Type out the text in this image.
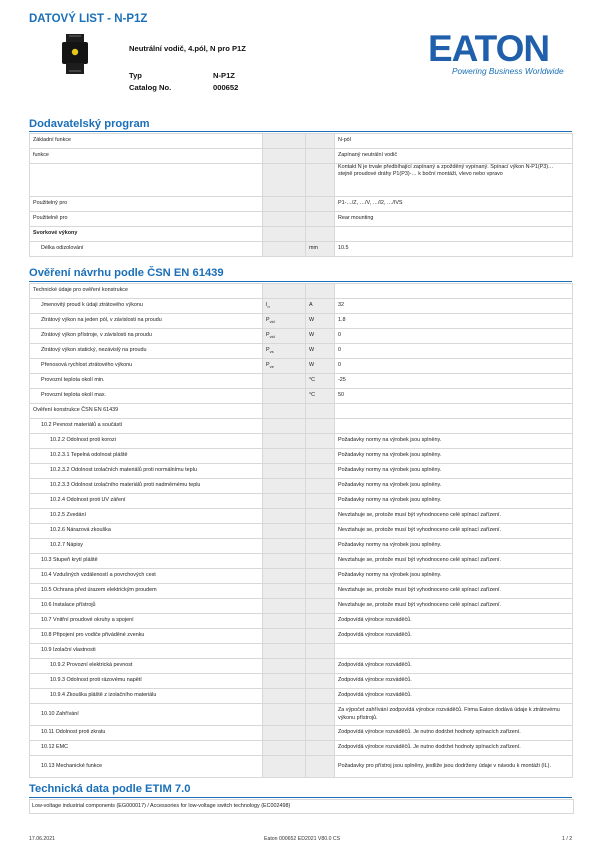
DATOVÝ LIST - N-P1Z
Neutrální vodič, 4.pól, N pro P1Z
Typ	N-P1Z
Catalog No.	000652
EATON
Powering Business Worldwide
Dodavatelský program
Základní funkce			N-pól
funkce			Zapínaný neutrální vodič
			Kontakt N je trvale předbíhající zapínaný a zpožděný vypínaný. Spínací výkon N-P1(P3)… stejně proudové dráhy P1(P3)-… k boční montáži, vlevo nebo vpravo
Použitelný pro			P1-…/Z, …/V, …/I2, …/IVS
Použitelně pro			Rear mounting
Svorkové výkony			
Délka odizolování		mm	10.5
Ověření návrhu podle ČSN EN 61439
Technické údaje pro ověření konstrukce			
Jmenovitý proud k údaji ztrátového výkonu	$I_n$	A	32
Ztrátový výkon na jeden pól, v závislosti na proudu	$P_{vid}$	W	1.8
Ztrátový výkon přístroje, v závislosti na proudu	$P_{vid}$	W	0
Ztrátový výkon statický, nezávislý na proudu	$P_{vs}$	W	0
Přenosová rychlost ztrátového výkonu	$P_{ve}$	W	0
Provozní teplota okolí min.		°C	-25
Provozní teplota okolí max.		°C	50
Ověření konstrukce ČSN EN 61439			
10.2 Pevnost materiálů a součástí			
10.2.2 Odolnost proti korozi			Požadavky normy na výrobek jsou splněny.
10.2.3.1 Tepelná odolnost pláště			Požadavky normy na výrobek jsou splněny.
10.2.3.2 Odolnost izolačních materiálů proti normálnímu teplu			Požadavky normy na výrobek jsou splněny.
10.2.3.3 Odolnost izolačního materiálů proti nadměrnému teplu			Požadavky normy na výrobek jsou splněny.
10.2.4 Odolnost proti UV záření			Požadavky normy na výrobek jsou splněny.
10.2.5 Zvedání			Nevztahuje se, protože musí být vyhodnoceno celé spínací zařízení.
10.2.6 Nárazová zkouška			Nevztahuje se, protože musí být vyhodnoceno celé spínací zařízení.
10.2.7 Nápisy			Požadavky normy na výrobek jsou splněny.
10.3 Stupeň krytí pláště			Nevztahuje se, protože musí být vyhodnoceno celé spínací zařízení.
10.4 Vzdušných vzdáleností a povrchových cest			Požadavky normy na výrobek jsou splněny.
10.5 Ochrana před úrazem elektrickým proudem			Nevztahuje se, protože musí být vyhodnoceno celé spínací zařízení.
10.6 Instalace přístrojů			Nevztahuje se, protože musí být vyhodnoceno celé spínací zařízení.
10.7 Vnitřní proudové okruhy a spojení			Zodpovídá výrobce rozváděčů.
10.8 Připojení pro vodiče přiváděné zvenku			Zodpovídá výrobce rozváděčů.
10.9 Izolační vlastnosti			
10.9.2 Provozní elektrická pevnost			Zodpovídá výrobce rozváděčů.
10.9.3 Odolnost proti rázovému napětí			Zodpovídá výrobce rozváděčů.
10.9.4 Zkouška pláště z izolačního materiálu			Zodpovídá výrobce rozváděčů.
10.10 Zahřívání			Za výpočet zahřívání zodpovídá výrobce rozváděčů. Firma Eaton dodává údaje k ztrátovému výkonu přístrojů.
10.11 Odolnost proti zkratu			Zodpovídá výrobce rozváděčů. Je nutno dodržet hodnoty spínacích zařízení.
10.12 EMC			Zodpovídá výrobce rozváděčů. Je nutno dodržet hodnoty spínacích zařízení.
10.13 Mechanické funkce			Požadavky pro přístroj jsou splněny, jestliže jsou dodrženy údaje v návodu k montáži (IL).
Technická data podle ETIM 7.0
Low-voltage industrial components (EG000017) / Accessories for low-voltage switch technology (EC002498)
17.06.2021	Eaton 000652 ED2021 V80.0 CS	1 / 2
